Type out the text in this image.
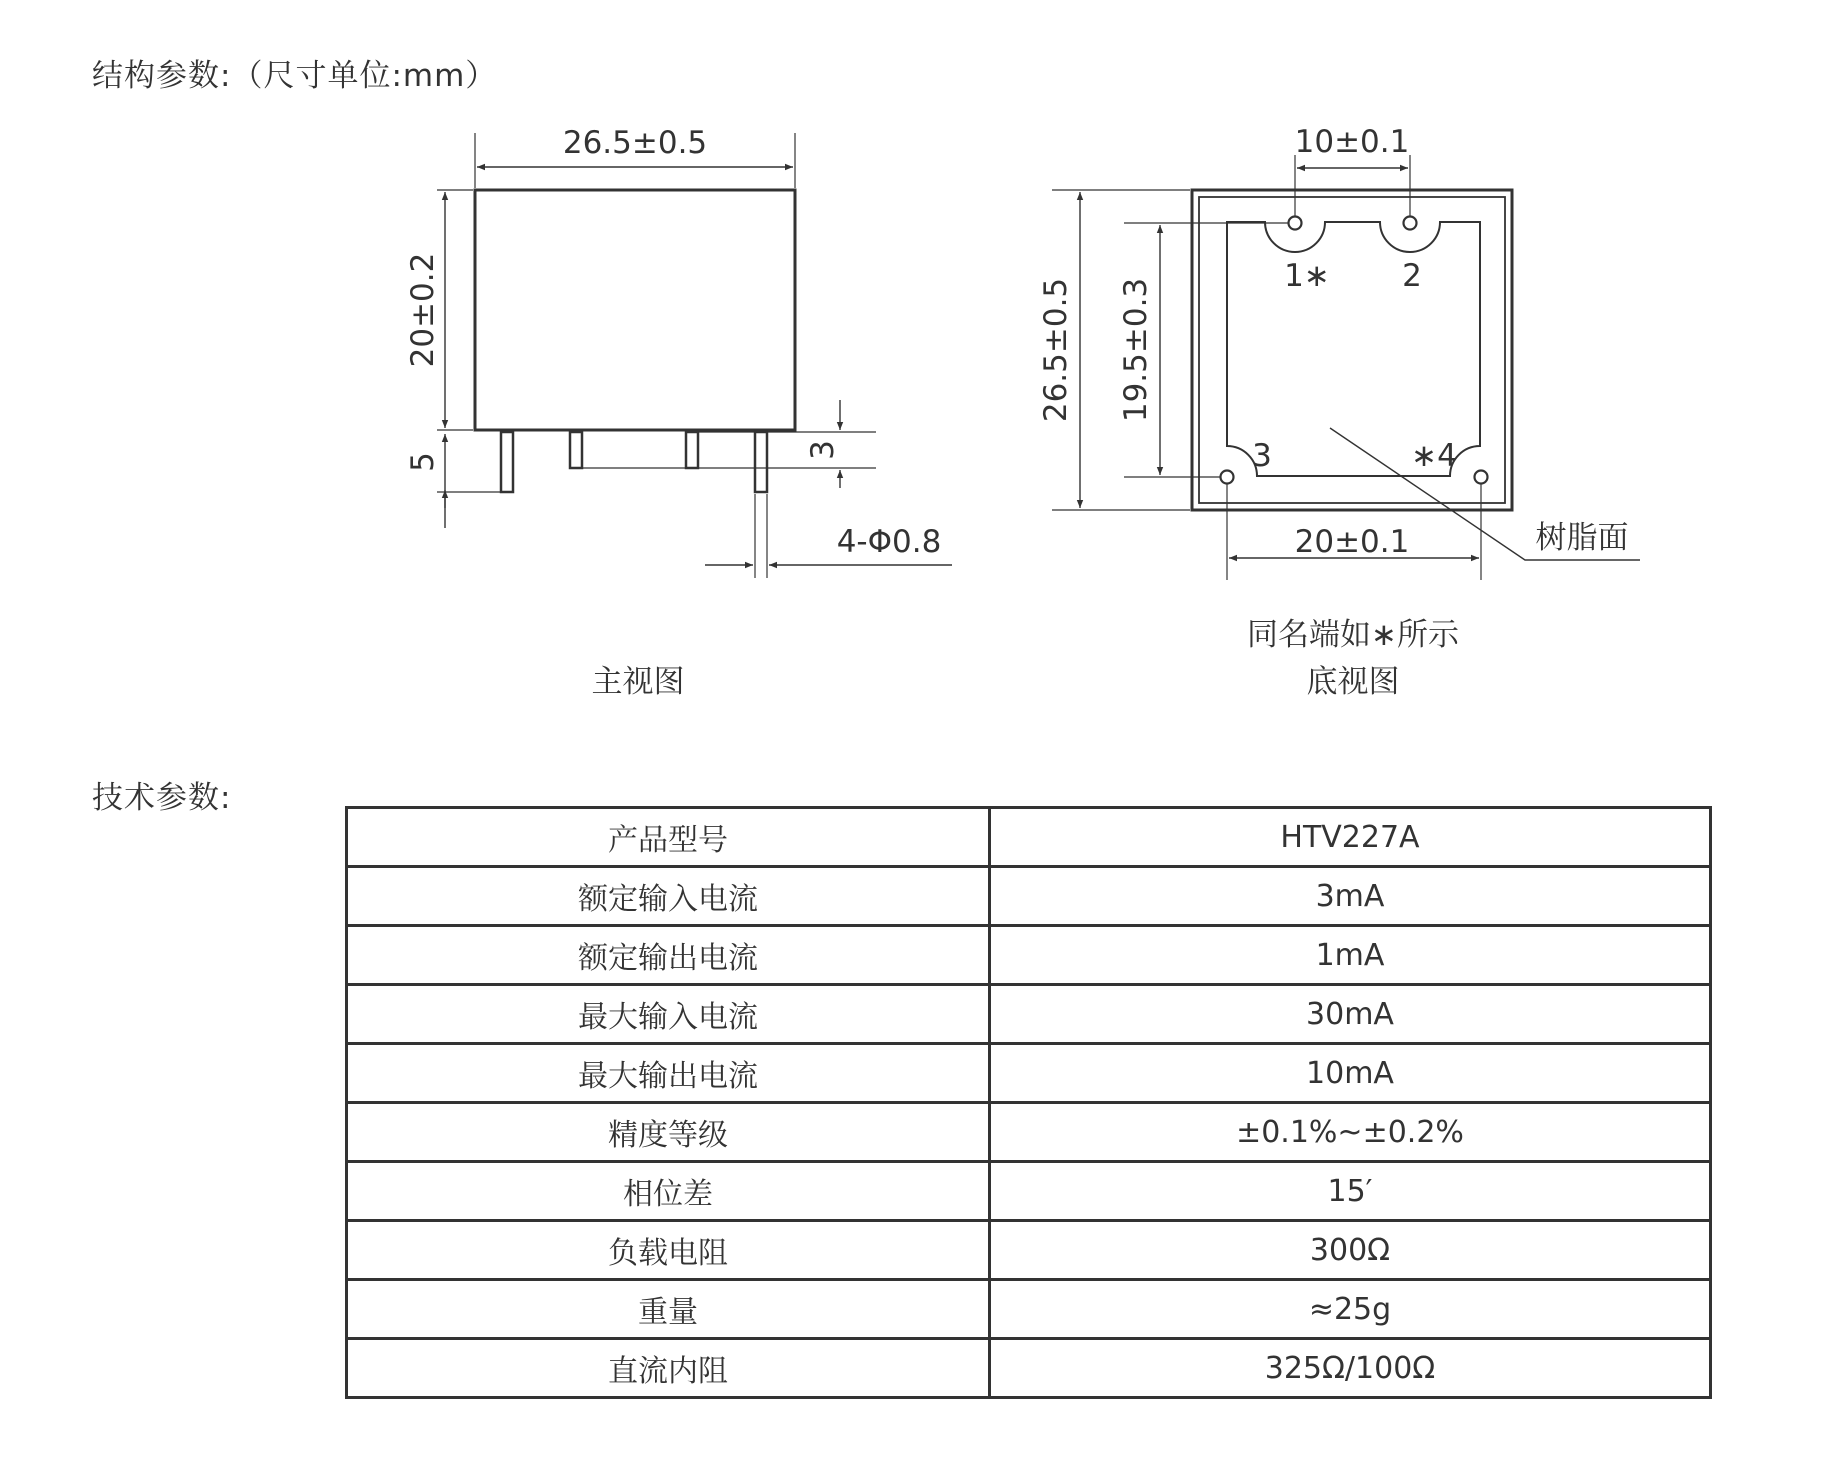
结构参数:（尺寸单位:mm）
26.5±0.5
20±0.2
5
3
4-Φ0.8
主视图
10±0.1
20±0.1
26.5±0.5 19.5±0.3
1∗ 2
3	∗4
树脂面
同名端如∗所示
底视图
技术参数:
产品型号	HTV227A
额定输入电流	3mA
额定输出电流	1mA
最大输入电流	30mA
最大输出电流	10mA
精度等级	±0.1%~±0.2%
相位差	15′
负载电阻	300Ω
重量	≈25g
直流内阻	325Ω/100Ω
